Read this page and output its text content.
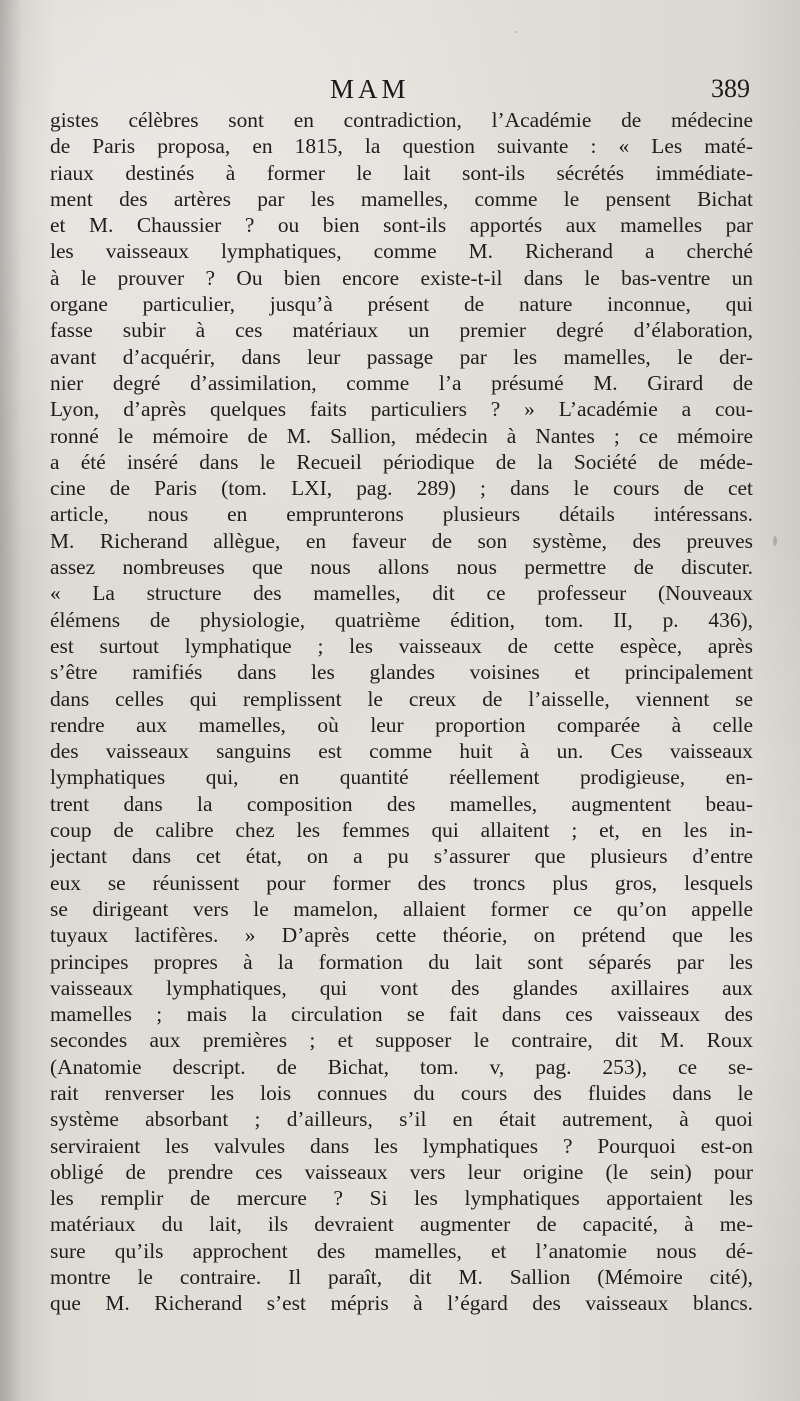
MAM	389
gistes célèbres sont en contradiction, l’Académie de médecine
de Paris proposa, en 1815, la question suivante : « Les maté-
riaux destinés à former le lait sont-ils sécrétés immédiate-
ment des artères par les mamelles, comme le pensent Bichat
et M. Chaussier ? ou bien sont-ils apportés aux mamelles par
les vaisseaux lymphatiques, comme M. Richerand a cherché
à le prouver ? Ou bien encore existe-t-il dans le bas-ventre un
organe particulier, jusqu’à présent de nature inconnue, qui
fasse subir à ces matériaux un premier degré d’élaboration,
avant d’acquérir, dans leur passage par les mamelles, le der-
nier degré d’assimilation, comme l’a présumé M. Girard de
Lyon, d’après quelques faits particuliers ? » L’académie a cou-
ronné le mémoire de M. Sallion, médecin à Nantes ; ce mémoire
a été inséré dans le Recueil périodique de la Société de méde-
cine de Paris (tom. LXI, pag. 289) ; dans le cours de cet
article, nous en emprunterons plusieurs détails intéressans.
M. Richerand allègue, en faveur de son système, des preuves
assez nombreuses que nous allons nous permettre de discuter.
« La structure des mamelles, dit ce professeur (Nouveaux
élémens de physiologie, quatrième édition, tom. II, p. 436),
est surtout lymphatique ; les vaisseaux de cette espèce, après
s’être ramifiés dans les glandes voisines et principalement
dans celles qui remplissent le creux de l’aisselle, viennent se
rendre aux mamelles, où leur proportion comparée à celle
des vaisseaux sanguins est comme huit à un. Ces vaisseaux
lymphatiques qui, en quantité réellement prodigieuse, en-
trent dans la composition des mamelles, augmentent beau-
coup de calibre chez les femmes qui allaitent ; et, en les in-
jectant dans cet état, on a pu s’assurer que plusieurs d’entre
eux se réunissent pour former des troncs plus gros, lesquels
se dirigeant vers le mamelon, allaient former ce qu’on appelle
tuyaux lactifères. » D’après cette théorie, on prétend que les
principes propres à la formation du lait sont séparés par les
vaisseaux lymphatiques, qui vont des glandes axillaires aux
mamelles ; mais la circulation se fait dans ces vaisseaux des
secondes aux premières ; et supposer le contraire, dit M. Roux
(Anatomie descript. de Bichat, tom. v, pag. 253), ce se-
rait renverser les lois connues du cours des fluides dans le
système absorbant ; d’ailleurs, s’il en était autrement, à quoi
serviraient les valvules dans les lymphatiques ? Pourquoi est-on
obligé de prendre ces vaisseaux vers leur origine (le sein) pour
les remplir de mercure ? Si les lymphatiques apportaient les
matériaux du lait, ils devraient augmenter de capacité, à me-
sure qu’ils approchent des mamelles, et l’anatomie nous dé-
montre le contraire. Il paraît, dit M. Sallion (Mémoire cité),
que M. Richerand s’est mépris à l’égard des vaisseaux blancs.
